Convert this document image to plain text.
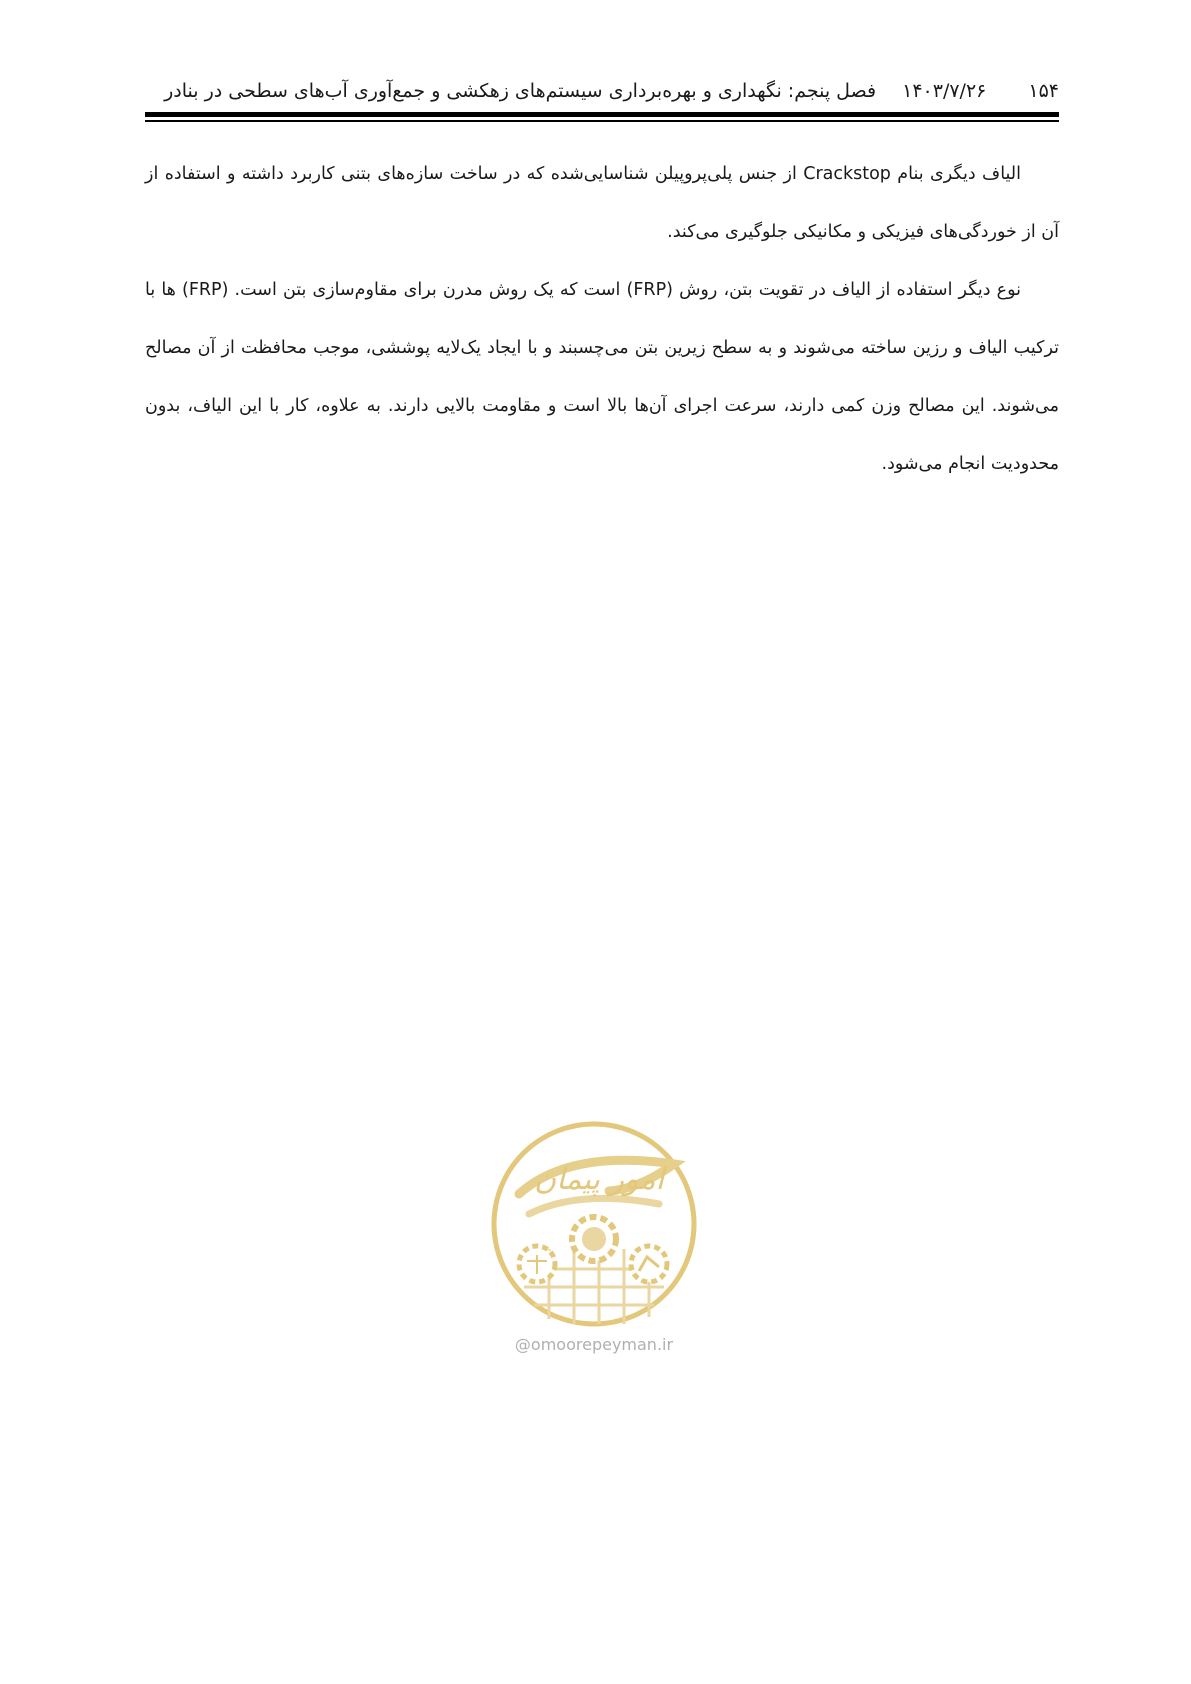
۱۵۴
۱۴۰۳/۷/۲۶
فصل پنجم: نگهداری و بهره‌برداری سیستم‌های زهکشی و جمع‌آوری آب‌های سطحی در بنادر

الیاف دیگری بنام Crackstop از جنس پلی‌پروپیلن شناسایی‌شده که در ساخت سازه‌های بتنی کاربرد داشته و استفاده از آن از خوردگی‌های فیزیکی و مکانیکی جلوگیری می‌کند.

نوع دیگر استفاده از الیاف در تقویت بتن، روش (FRP) است که یک روش مدرن برای مقاوم‌سازی بتن است. (FRP) ها با ترکیب الیاف و رزین ساخته می‌شوند و به سطح زیرین بتن می‌چسبند و با ایجاد یک‌لایه پوششی، موجب محافظت از آن مصالح می‌شوند. این مصالح وزن کمی دارند، سرعت اجرای آن‌ها بالا است و مقاومت بالایی دارند. به علاوه، کار با این الیاف، بدون محدودیت انجام می‌شود.

امور پیمان
@omoorepeyman.ir
